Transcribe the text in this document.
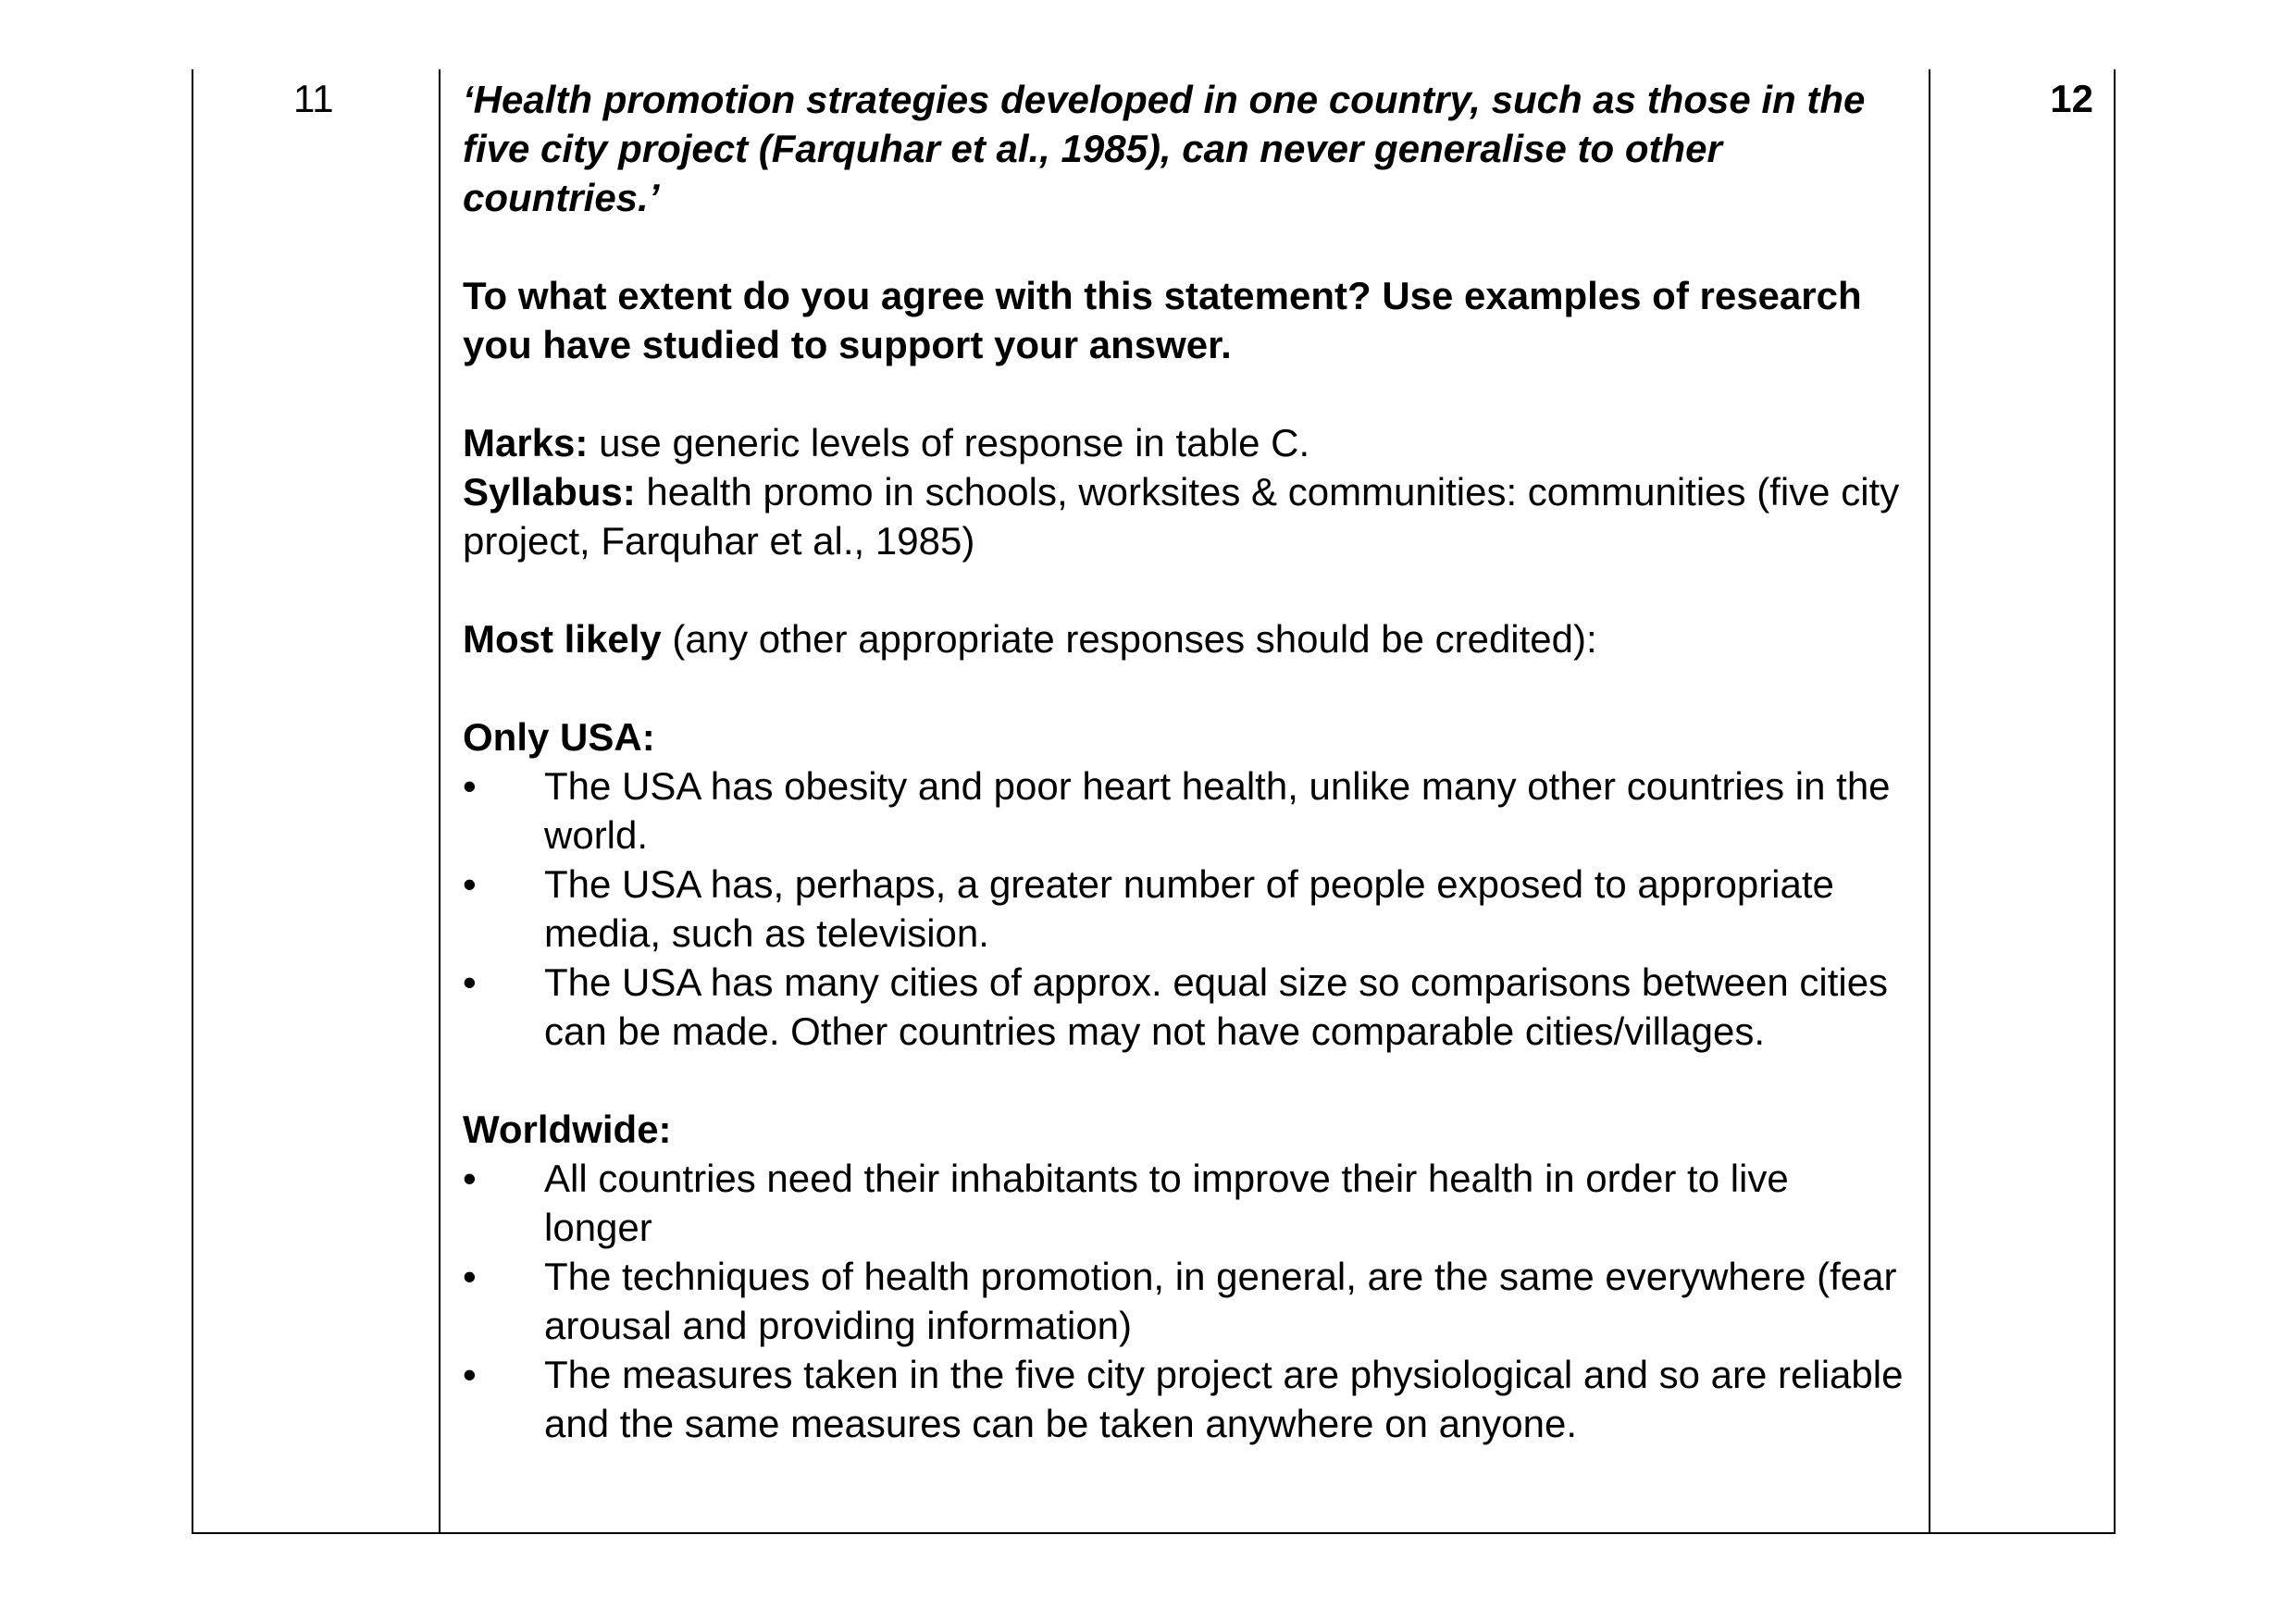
11	‘Health promotion strategies developed in one country, such as those in the five city project (Farquhar et al., 1985), can never generalise to other countries.’

To what extent do you agree with this statement? Use examples of research you have studied to support your answer.

Marks: use generic levels of response in table C.

Syllabus: health promo in schools, worksites & communities: communities (five city project, Farquhar et al., 1985)

Most likely (any other appropriate responses should be credited):

Only USA:

• The USA has obesity and poor heart health, unlike many other countries in the world.
• The USA has, perhaps, a greater number of people exposed to appropriate media, such as television.
• The USA has many cities of approx. equal size so comparisons between cities can be made. Other countries may not have comparable cities/villages.

Worldwide:

• All countries need their inhabitants to improve their health in order to live longer
• The techniques of health promotion, in general, are the same everywhere (fear arousal and providing information)
• The measures taken in the five city project are physiological and so are reliable and the same measures can be taken anywhere on anyone.
12
